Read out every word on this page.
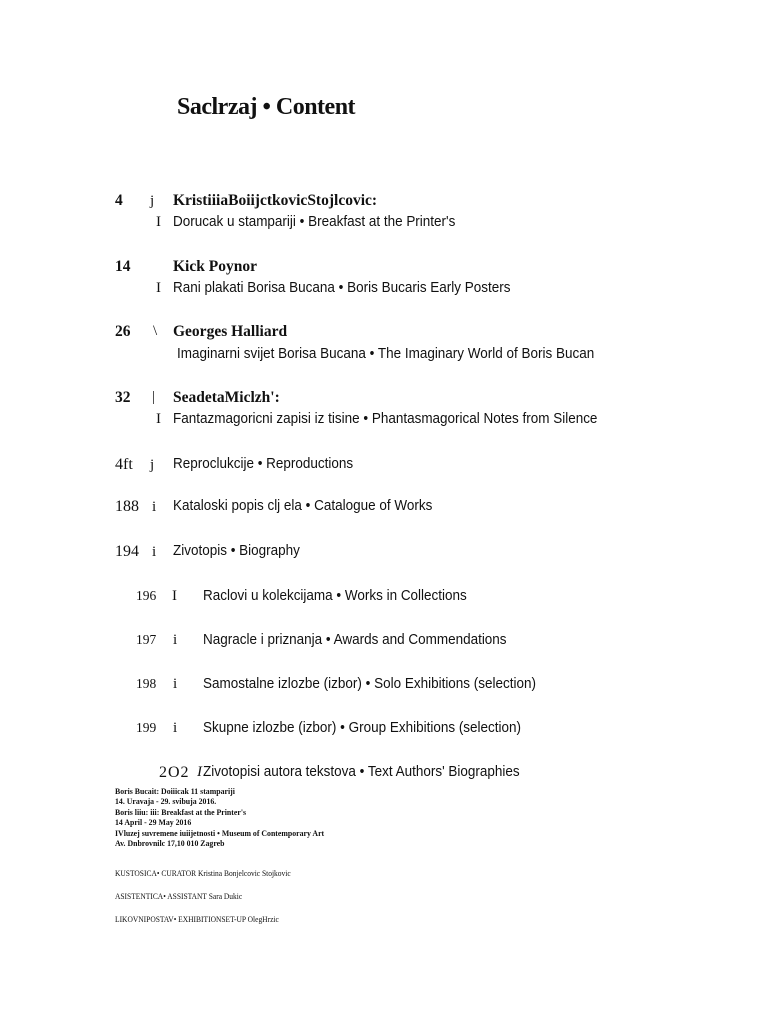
Saclrzaj • Content
4 j KristiiiaBoiijctkovicStojlcovic:
I Dorucak u stampariji • Breakfast at the Printer's
14	Kick Poynor
I Rani plakati Borisa Bucana • Boris Bucaris Early Posters
26 \ Georges Halliard
Imaginarni svijet Borisa Bucana • The Imaginary World of Boris Bucan
32 | SeadetaMiclzh':
I Fantazmagoricni zapisi iz tisine • Phantasmagorical Notes from Silence
4ft j Reproclukcije • Reproductions
188 i Kataloski popis clj ela • Catalogue of Works
194 i Zivotopis • Biography
196 I Raclovi u kolekcijama • Works in Collections
197 i Nagracle i priznanja • Awards and Commendations
198 i Samostalne izlozbe (izbor) • Solo Exhibitions (selection)
199 i Skupne izlozbe (izbor) • Group Exhibitions (selection)
2O2 I Zivotopisi autora tekstova • Text Authors' Biographies
Boris Bucait: Doiiicak 11 stampariji
14. Uravaja - 29. svibuja 2016.
Boris liiu: iii: Breakfast at the Printer's
14 April - 29 May 2016
IVluzej suvremene iuiijetnosti • Museum of Contemporary Art
Av. Dnbrovnilc 17,10 010 Zagreb
KUSTOSICA• CURATOR Kristina Bonjelcovic Stojkovic
ASISTENTICA• ASSISTANT Sara Dukic
LIKOVNIPOSTAV• EXHIBITIONSET-UP OlegHrzic
